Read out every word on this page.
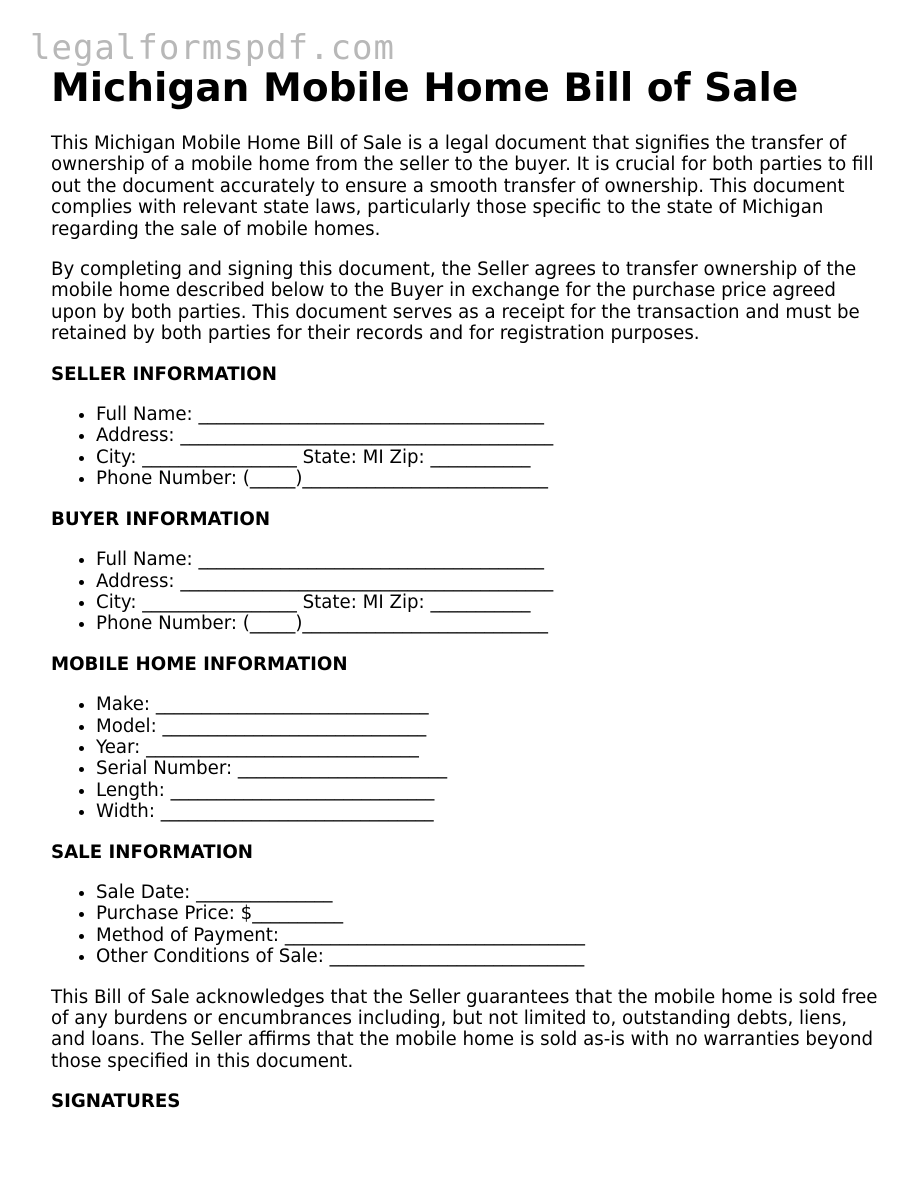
legalformspdf.com
Michigan Mobile Home Bill of Sale

This Michigan Mobile Home Bill of Sale is a legal document that signifies the transfer of ownership of a mobile home from the seller to the buyer. It is crucial for both parties to fill out the document accurately to ensure a smooth transfer of ownership. This document complies with relevant state laws, particularly those specific to the state of Michigan regarding the sale of mobile homes.

By completing and signing this document, the Seller agrees to transfer ownership of the mobile home described below to the Buyer in exchange for the purchase price agreed upon by both parties. This document serves as a receipt for the transaction and must be retained by both parties for their records and for registration purposes.

SELLER INFORMATION
• Full Name: ______________________________________
• Address: _________________________________________
• City: _________________ State: MI Zip: ___________
• Phone Number: (_____)___________________________
BUYER INFORMATION
• Full Name: ______________________________________
• Address: _________________________________________
• City: _________________ State: MI Zip: ___________
• Phone Number: (_____)___________________________
MOBILE HOME INFORMATION
• Make: ______________________________
• Model: _____________________________
• Year: ______________________________
• Serial Number: _______________________
• Length: _____________________________
• Width: ______________________________
SALE INFORMATION
• Sale Date: _______________
• Purchase Price: $__________
• Method of Payment: _________________________________
• Other Conditions of Sale: ____________________________

This Bill of Sale acknowledges that the Seller guarantees that the mobile home is sold free of any burdens or encumbrances including, but not limited to, outstanding debts, liens, and loans. The Seller affirms that the mobile home is sold as-is with no warranties beyond those specified in this document.

SIGNATURES
